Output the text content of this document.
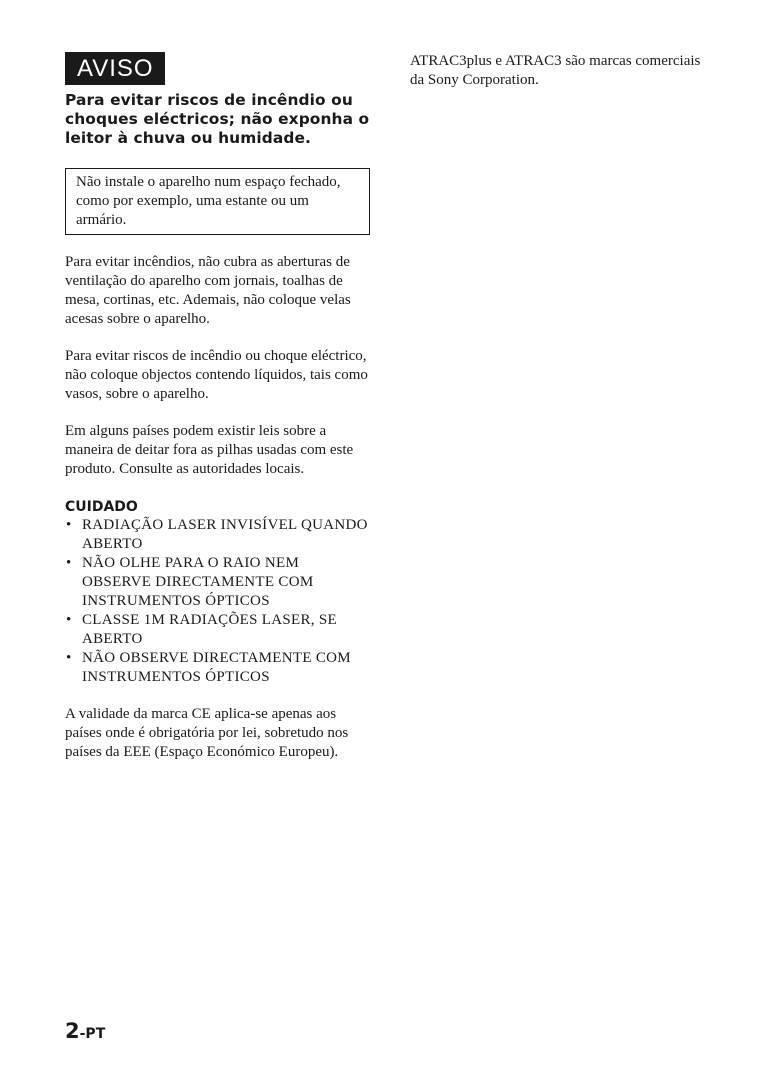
AVISO
Para evitar riscos de incêndio ou choques eléctricos; não exponha o leitor à chuva ou humidade.
Não instale o aparelho num espaço fechado, como por exemplo, uma estante ou um armário.

Para evitar incêndios, não cubra as aberturas de ventilação do aparelho com jornais, toalhas de mesa, cortinas, etc. Ademais, não coloque velas acesas sobre o aparelho.

Para evitar riscos de incêndio ou choque eléctrico, não coloque objectos contendo líquidos, tais como vasos, sobre o aparelho.

Em alguns países podem existir leis sobre a maneira de deitar fora as pilhas usadas com este produto. Consulte as autoridades locais.

CUIDADO
• RADIAÇÃO LASER INVISÍVEL QUANDO ABERTO
• NÃO OLHE PARA O RAIO NEM OBSERVE DIRECTAMENTE COM INSTRUMENTOS ÓPTICOS
• CLASSE 1M RADIAÇÕES LASER, SE ABERTO
• NÃO OBSERVE DIRECTAMENTE COM INSTRUMENTOS ÓPTICOS

A validade da marca CE aplica-se apenas aos países onde é obrigatória por lei, sobretudo nos países da EEE (Espaço Económico Europeu).

ATRAC3plus e ATRAC3 são marcas comerciais da Sony Corporation.

2-PT
